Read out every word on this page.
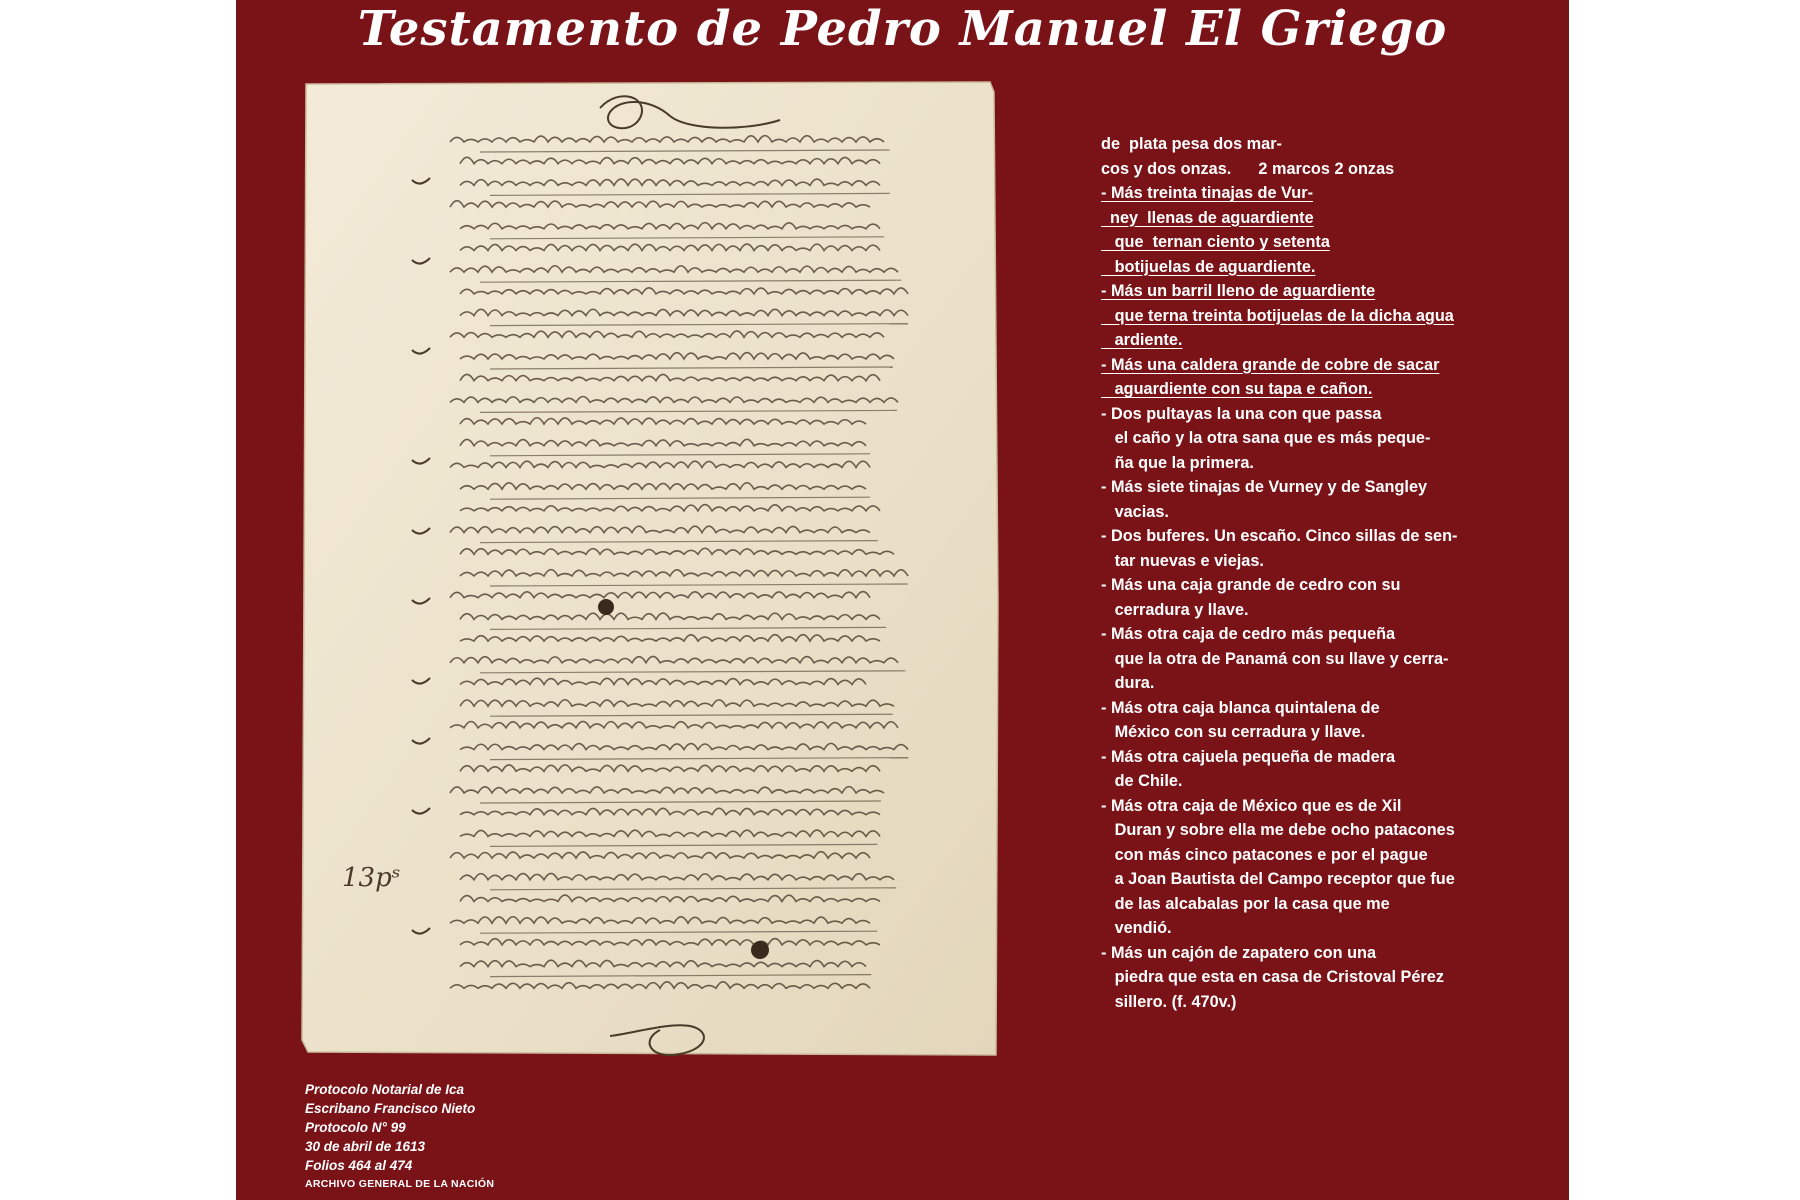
Testamento de Pedro Manuel El Griego
13pˢ
de  plata pesa dos mar-
cos y dos onzas.      2 marcos 2 onzas
- Más treinta tinajas de Vur-
ney  llenas de aguardiente
que  ternan ciento y setenta
botijuelas de aguardiente.
- Más un barril lleno de aguardiente
que terna treinta botijuelas de la dicha agua
ardiente.
- Más una caldera grande de cobre de sacar
aguardiente con su tapa e cañon.
- Dos pultayas la una con que passa
el caño y la otra sana que es más peque-
ña que la primera.
- Más siete tinajas de Vurney y de Sangley
vacias.
- Dos buferes. Un escaño. Cinco sillas de sen-
tar nuevas e viejas.
- Más una caja grande de cedro con su
cerradura y llave.
- Más otra caja de cedro más pequeña
que la otra de Panamá con su llave y cerra-
dura.
- Más otra caja blanca quintalena de
México con su cerradura y llave.
- Más otra cajuela pequeña de madera
de Chile.
- Más otra caja de México que es de Xil
Duran y sobre ella me debe ocho patacones
con más cinco patacones e por el pague
a Joan Bautista del Campo receptor que fue
de las alcabalas por la casa que me
vendió.
- Más un cajón de zapatero con una
piedra que esta en casa de Cristoval Pérez
sillero. (f. 470v.)
Protocolo Notarial de Ica
Escribano Francisco Nieto
Protocolo N° 99
30 de abril de 1613
Folios 464 al 474
ARCHIVO GENERAL DE LA NACIÓN
